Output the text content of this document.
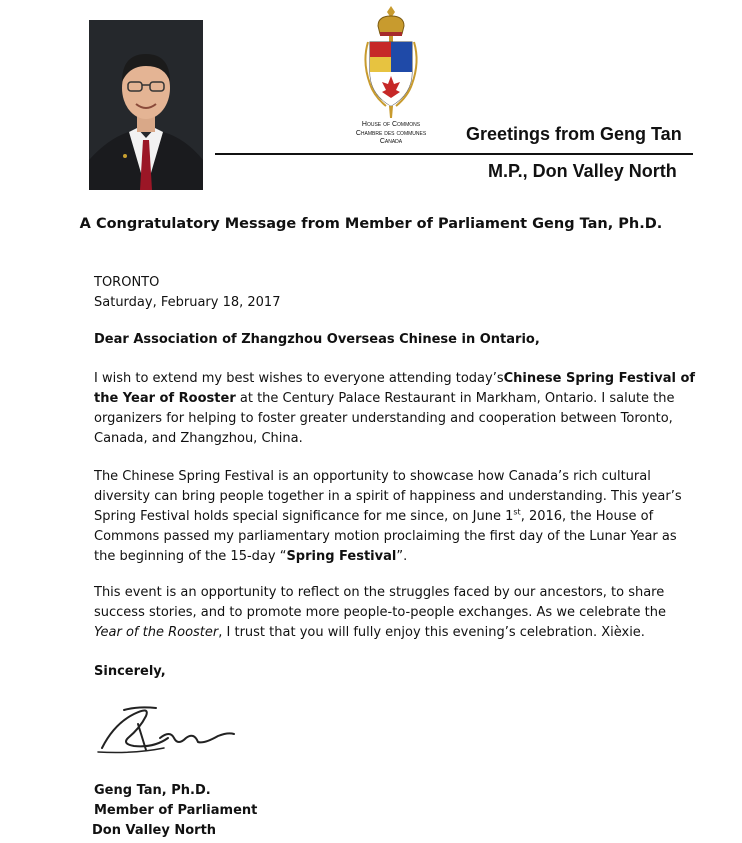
House of Commons
Chambre des communes
Canada	Greetings from Geng Tan
M.P., Don Valley North
A Congratulatory Message from Member of Parliament Geng Tan, Ph.D.
TORONTO
Saturday, February 18, 2017
Dear Association of Zhangzhou Overseas Chinese in Ontario,
I wish to extend my best wishes to everyone attending today’s Chinese Spring Festival of
the Year of Rooster at the Century Palace Restaurant in Markham, Ontario. I salute the
organizers for helping to foster greater understanding and cooperation between Toronto,
Canada, and Zhangzhou, China.
The Chinese Spring Festival is an opportunity to showcase how Canada’s rich cultural
diversity can bring people together in a spirit of happiness and understanding. This year’s
Spring Festival holds special significance for me since, on June 1st, 2016, the House of
Commons passed my parliamentary motion proclaiming the first day of the Lunar Year as
the beginning of the 15-day “Spring Festival”.
This event is an opportunity to reflect on the struggles faced by our ancestors, to share
success stories, and to promote more people-to-people exchanges. As we celebrate the
Year of the Rooster, I trust that you will fully enjoy this evening’s celebration. Xièxie.
Sincerely,
Geng Tan, Ph.D.
Member of Parliament
Don Valley North
